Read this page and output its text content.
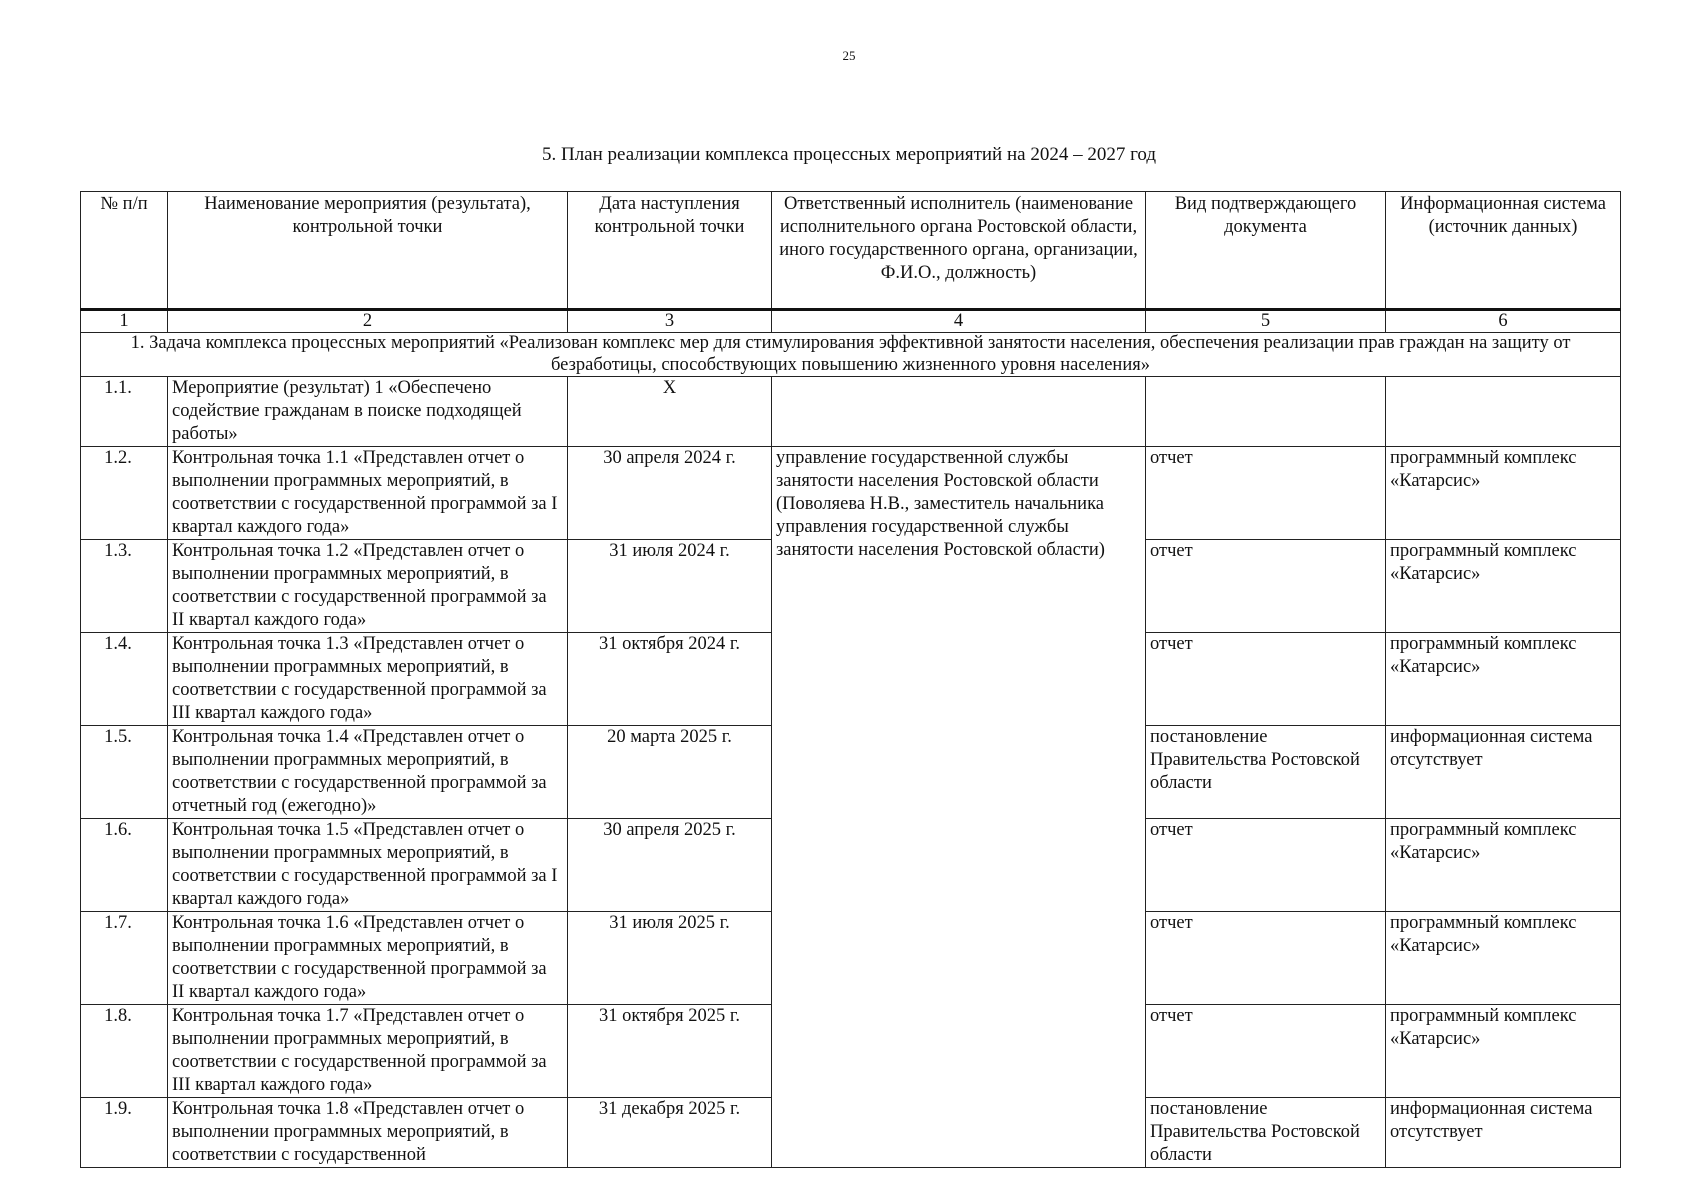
25
5. План реализации комплекса процессных мероприятий на 2024 – 2027 год
№ п/п	Наименование мероприятия (результата), контрольной точки	Дата наступления контрольной точки	Ответственный исполнитель (наименование исполнительного органа Ростовской области, иного государственного органа, организации, Ф.И.О., должность)	Вид подтверждающего документа	Информационная система (источник данных)
1	2	3	4	5	6
1. Задача комплекса процессных мероприятий «Реализован комплекс мер для стимулирования эффективной занятости населения, обеспечения реализации прав граждан на защиту от безработицы, способствующих повышению жизненного уровня населения»					
1.1.	Мероприятие (результат) 1 «Обеспечено содействие гражданам в поиске подходящей работы»	X			
1.2.	Контрольная точка 1.1 «Представлен отчет о выполнении программных мероприятий, в соответствии с государственной программой за I квартал каждого года»	30 апреля 2024 г.	управление государственной службы занятости населения Ростовской области (Поволяева Н.В., заместитель начальника управления государственной службы занятости населения Ростовской области)	отчет	программный комплекс «Катарсис»
1.3.	Контрольная точка 1.2 «Представлен отчет о выполнении программных мероприятий, в соответствии с государственной программой за II квартал каждого года»	31 июля 2024 г.		отчет	программный комплекс «Катарсис»
1.4.	Контрольная точка 1.3 «Представлен отчет о выполнении программных мероприятий, в соответствии с государственной программой за III квартал каждого года»	31 октября 2024 г.		отчет	программный комплекс «Катарсис»
1.5.	Контрольная точка 1.4 «Представлен отчет о выполнении программных мероприятий, в соответствии с государственной программой за отчетный год (ежегодно)»	20 марта 2025 г.		постановление Правительства Ростовской области	информационная система отсутствует
1.6.	Контрольная точка 1.5 «Представлен отчет о выполнении программных мероприятий, в соответствии с государственной программой за I квартал каждого года»	30 апреля 2025 г.		отчет	программный комплекс «Катарсис»
1.7.	Контрольная точка 1.6 «Представлен отчет о выполнении программных мероприятий, в соответствии с государственной программой за II квартал каждого года»	31 июля 2025 г.		отчет	программный комплекс «Катарсис»
1.8.	Контрольная точка 1.7 «Представлен отчет о выполнении программных мероприятий, в соответствии с государственной программой за III квартал каждого года»	31 октября 2025 г.		отчет	программный комплекс «Катарсис»
1.9.	Контрольная точка 1.8 «Представлен отчет о выполнении программных мероприятий, в соответствии с государственной	31 декабря 2025 г.		постановление Правительства Ростовской области	информационная система отсутствует
